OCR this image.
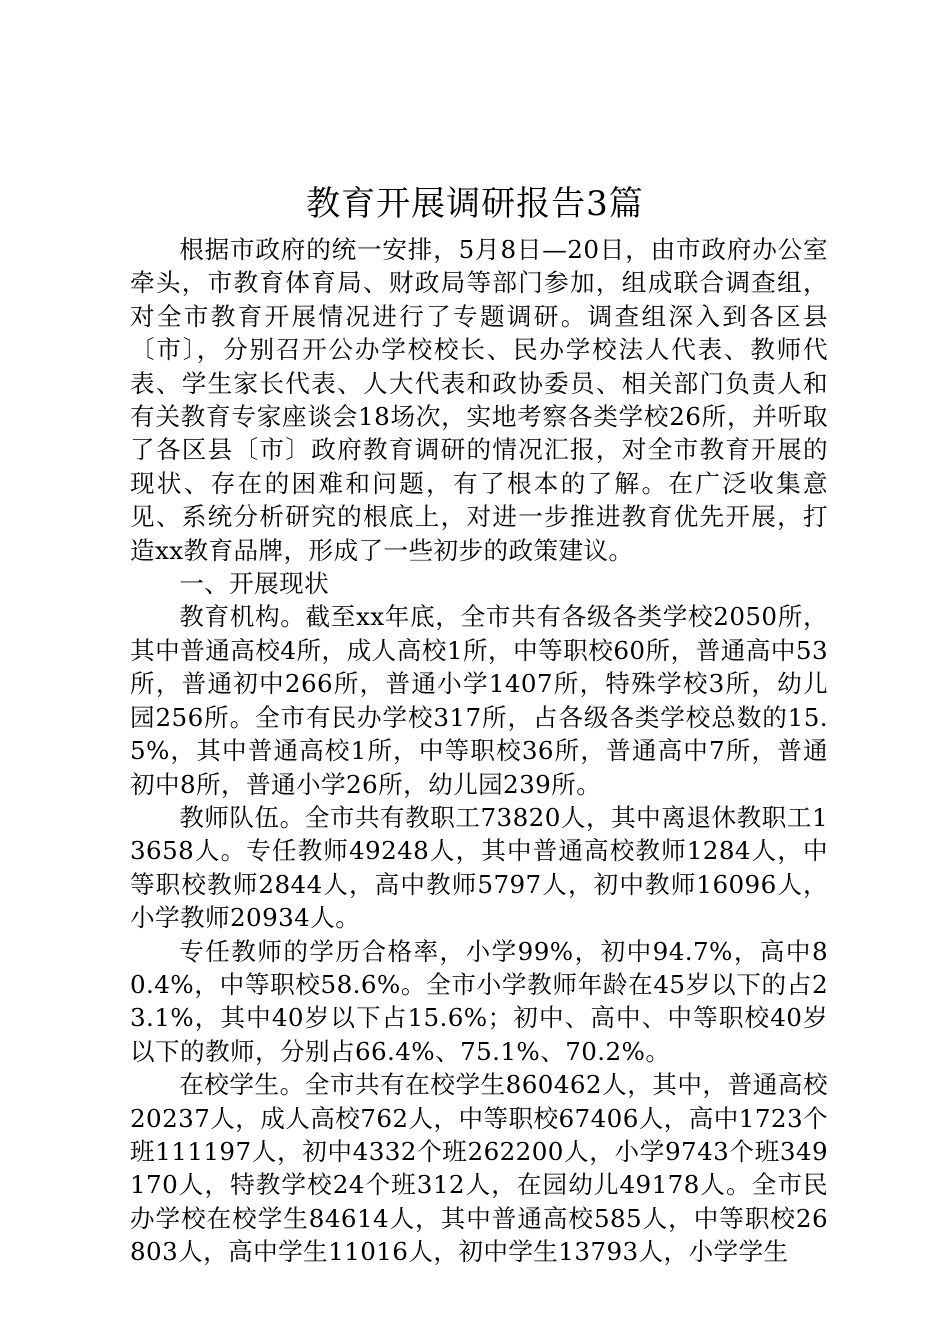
教育开展调研报告3篇

根据市政府的统一安排，5月8日—20日，由市政府办公室牵头，市教育体育局、财政局等部门参加，组成联合调查组，对全市教育开展情况进行了专题调研。调查组深入到各区县〔市〕，分别召开公办学校校长、民办学校法人代表、教师代表、学生家长代表、人大代表和政协委员、相关部门负责人和有关教育专家座谈会18场次，实地考察各类学校26所，并听取了各区县〔市〕政府教育调研的情况汇报，对全市教育开展的现状、存在的困难和问题，有了根本的了解。在广泛收集意见、系统分析研究的根底上，对进一步推进教育优先开展，打造xx教育品牌，形成了一些初步的政策建议。

一、开展现状

教育机构。截至xx年底，全市共有各级各类学校2050所，其中普通高校4所，成人高校1所，中等职校60所，普通高中53所，普通初中266所，普通小学1407所，特殊学校3所，幼儿园256所。全市有民办学校317所，占各级各类学校总数的15.5%，其中普通高校1所，中等职校36所，普通高中7所，普通初中8所，普通小学26所，幼儿园239所。

教师队伍。全市共有教职工73820人，其中离退休教职工13658人。专任教师49248人，其中普通高校教师1284人，中等职校教师2844人，高中教师5797人，初中教师16096人，小学教师20934人。

专任教师的学历合格率，小学99%，初中94.7%，高中80.4%，中等职校58.6%。全市小学教师年龄在45岁以下的占23.1%，其中40岁以下占15.6%；初中、高中、中等职校40岁以下的教师，分别占66.4%、75.1%、70.2%。

在校学生。全市共有在校学生860462人，其中，普通高校20237人，成人高校762人，中等职校67406人，高中1723个班111197人，初中4332个班262200人，小学9743个班349170人，特教学校24个班312人，在园幼儿49178人。全市民办学校在校学生84614人，其中普通高校585人，中等职校26803人，高中学生11016人，初中学生13793人，小学学生
